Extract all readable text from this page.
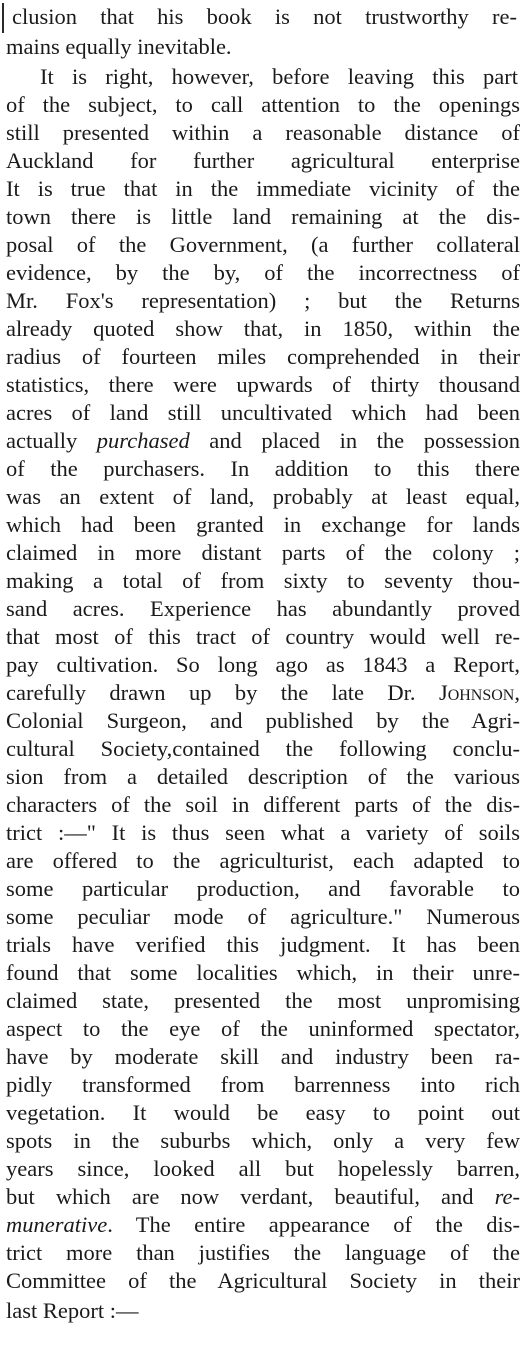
clusion that his book is not trustworthy re-
mains equally inevitable.
It is right, however, before leaving this part
of the subject, to call attention to the openings
still presented within a reasonable distance of
Auckland for further agricultural enterprise
It is true that in the immediate vicinity of the
town there is little land remaining at the dis-
posal of the Government, (a further collateral
evidence, by the by, of the incorrectness of
Mr. Fox's representation) ; but the Returns
already quoted show that, in 1850, within the
radius of fourteen miles comprehended in their
statistics, there were upwards of thirty thousand
acres of land still uncultivated which had been
actually purchased and placed in the possession
of the purchasers. In addition to this there
was an extent of land, probably at least equal,
which had been granted in exchange for lands
claimed in more distant parts of the colony ;
making a total of from sixty to seventy thou-
sand acres. Experience has abundantly proved
that most of this tract of country would well re-
pay cultivation. So long ago as 1843 a Report,
carefully drawn up by the late Dr. Johnson,
Colonial Surgeon, and published by the Agri-
cultural Society,contained the following conclu-
sion from a detailed description of the various
characters of the soil in different parts of the dis-
trict :—" It is thus seen what a variety of soils
are offered to the agriculturist, each adapted to
some particular production, and favorable to
some peculiar mode of agriculture." Numerous
trials have verified this judgment. It has been
found that some localities which, in their unre-
claimed state, presented the most unpromising
aspect to the eye of the uninformed spectator,
have by moderate skill and industry been ra-
pidly transformed from barrenness into rich
vegetation. It would be easy to point out
spots in the suburbs which, only a very few
years since, looked all but hopelessly barren,
but which are now verdant, beautiful, and re-
munerative. The entire appearance of the dis-
trict more than justifies the language of the
Committee of the Agricultural Society in their
last Report :—
